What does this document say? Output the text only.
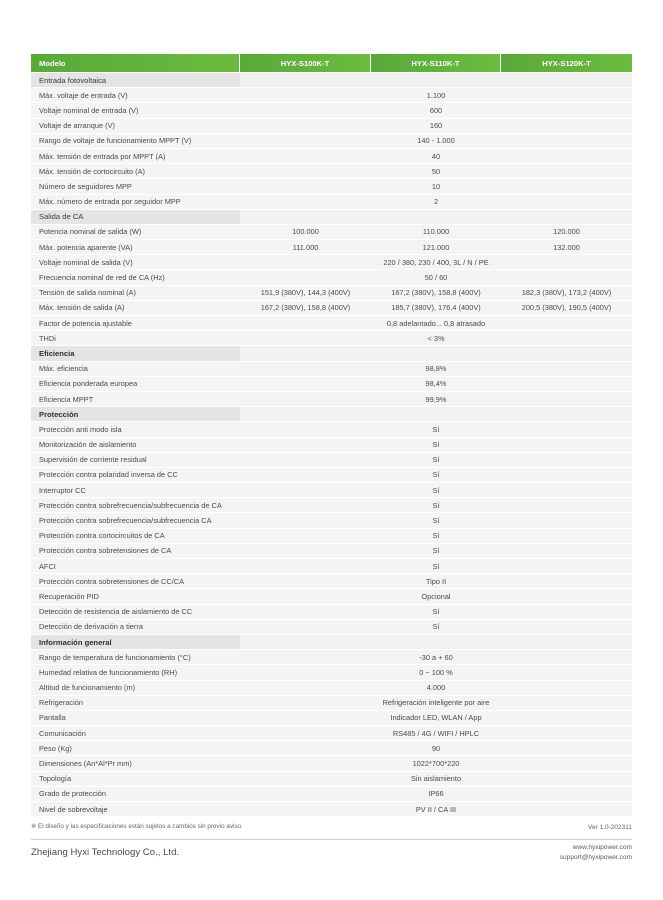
Modelo	HYX-S100K-T	HYX-S110K-T	HYX-S120K-T
Entrada fotovoltaica			
Máx. voltaje de entrada (V)	1.100		
Voltaje nominal de entrada (V)	600		
Voltaje de arranque (V)	160		
Rango de voltaje de funcionamiento MPPT (V)	140 - 1.000		
Máx. tensión de entrada por MPPT (A)	40		
Máx. tensión de cortocircuito (A)	50		
Número de seguidores MPP	10		
Máx. número de entrada por seguidor MPP	2		
Salida de CA			
Potencia nominal de salida (W)	100.000	110.000	120.000
Máx. potencia aparente (VA)	111.000	121.000	132.000
Voltaje nominal de salida (V)	220 / 380, 230 / 400, 3L / N / PE		
Frecuencia nominal de red de CA (Hz)	50 / 60		
Tensión de salida nominal (A)	151,9 (380V), 144,3 (400V)	167,2 (380V), 158,8 (400V)	182,3 (380V), 173,2 (400V)
Máx. tensión de salida (A)	167,2 (380V), 158,8 (400V)	185,7 (380V), 176,4 (400V)	200,5 (380V), 190,5 (400V)
Factor de potencia ajustable	0,8 adelantado... 0,8 atrasado		
THDi	< 3%		
Eficiencia			
Máx. eficiencia	98,8%		
Eficiencia ponderada europea	98,4%		
Eficiencia MPPT	99,9%		
Protección			
Protección anti modo isla	Sí		
Monitorización de aislamiento	Sí		
Supervisión de corriente residual	Sí		
Protección contra polaridad inversa de CC	Sí		
Interruptor CC	Sí		
Protección contra sobrefrecuencia/subfrecuencia de CA	Sí		
Protección contra sobrefrecuencia/subfrecuencia CA	Sí		
Protección contra cortocircuitos de CA	Sí		
Protección contra sobretensiones de CA	Sí		
AFCI	Sí		
Protección contra sobretensiones de CC/CA	Tipo II		
Recuperación PID	Opcional		
Detección de resistencia de aislamiento de CC	Sí		
Detección de derivación a tierra	Sí		
Información general			
Rango de temperatura de funcionamiento (°C)	-30 a + 60		
Humedad relativa de funcionamiento (RH)	0 ~ 100 %		
Altitud de funcionamiento (m)	4.000		
Refrigeración	Refrigeración inteligente por aire		
Pantalla	Indicador LED, WLAN / App		
Comunicación	RS485 / 4G / WIFI / HPLC		
Peso (Kg)	90		
Dimensiones (An*Al*Pr mm)	1022*700*220		
Topología	Sin aislamiento		
Grado de protección	IP66		
Nivel de sobrevoltaje	PV II / CA III		
※ El diseño y las especificaciones están sujetos a cambios sin previo aviso.	Ver 1.0-202311
Zhejiang Hyxi Technology Co., Ltd.	www.hyxipower.com
support@hyxipower.com
